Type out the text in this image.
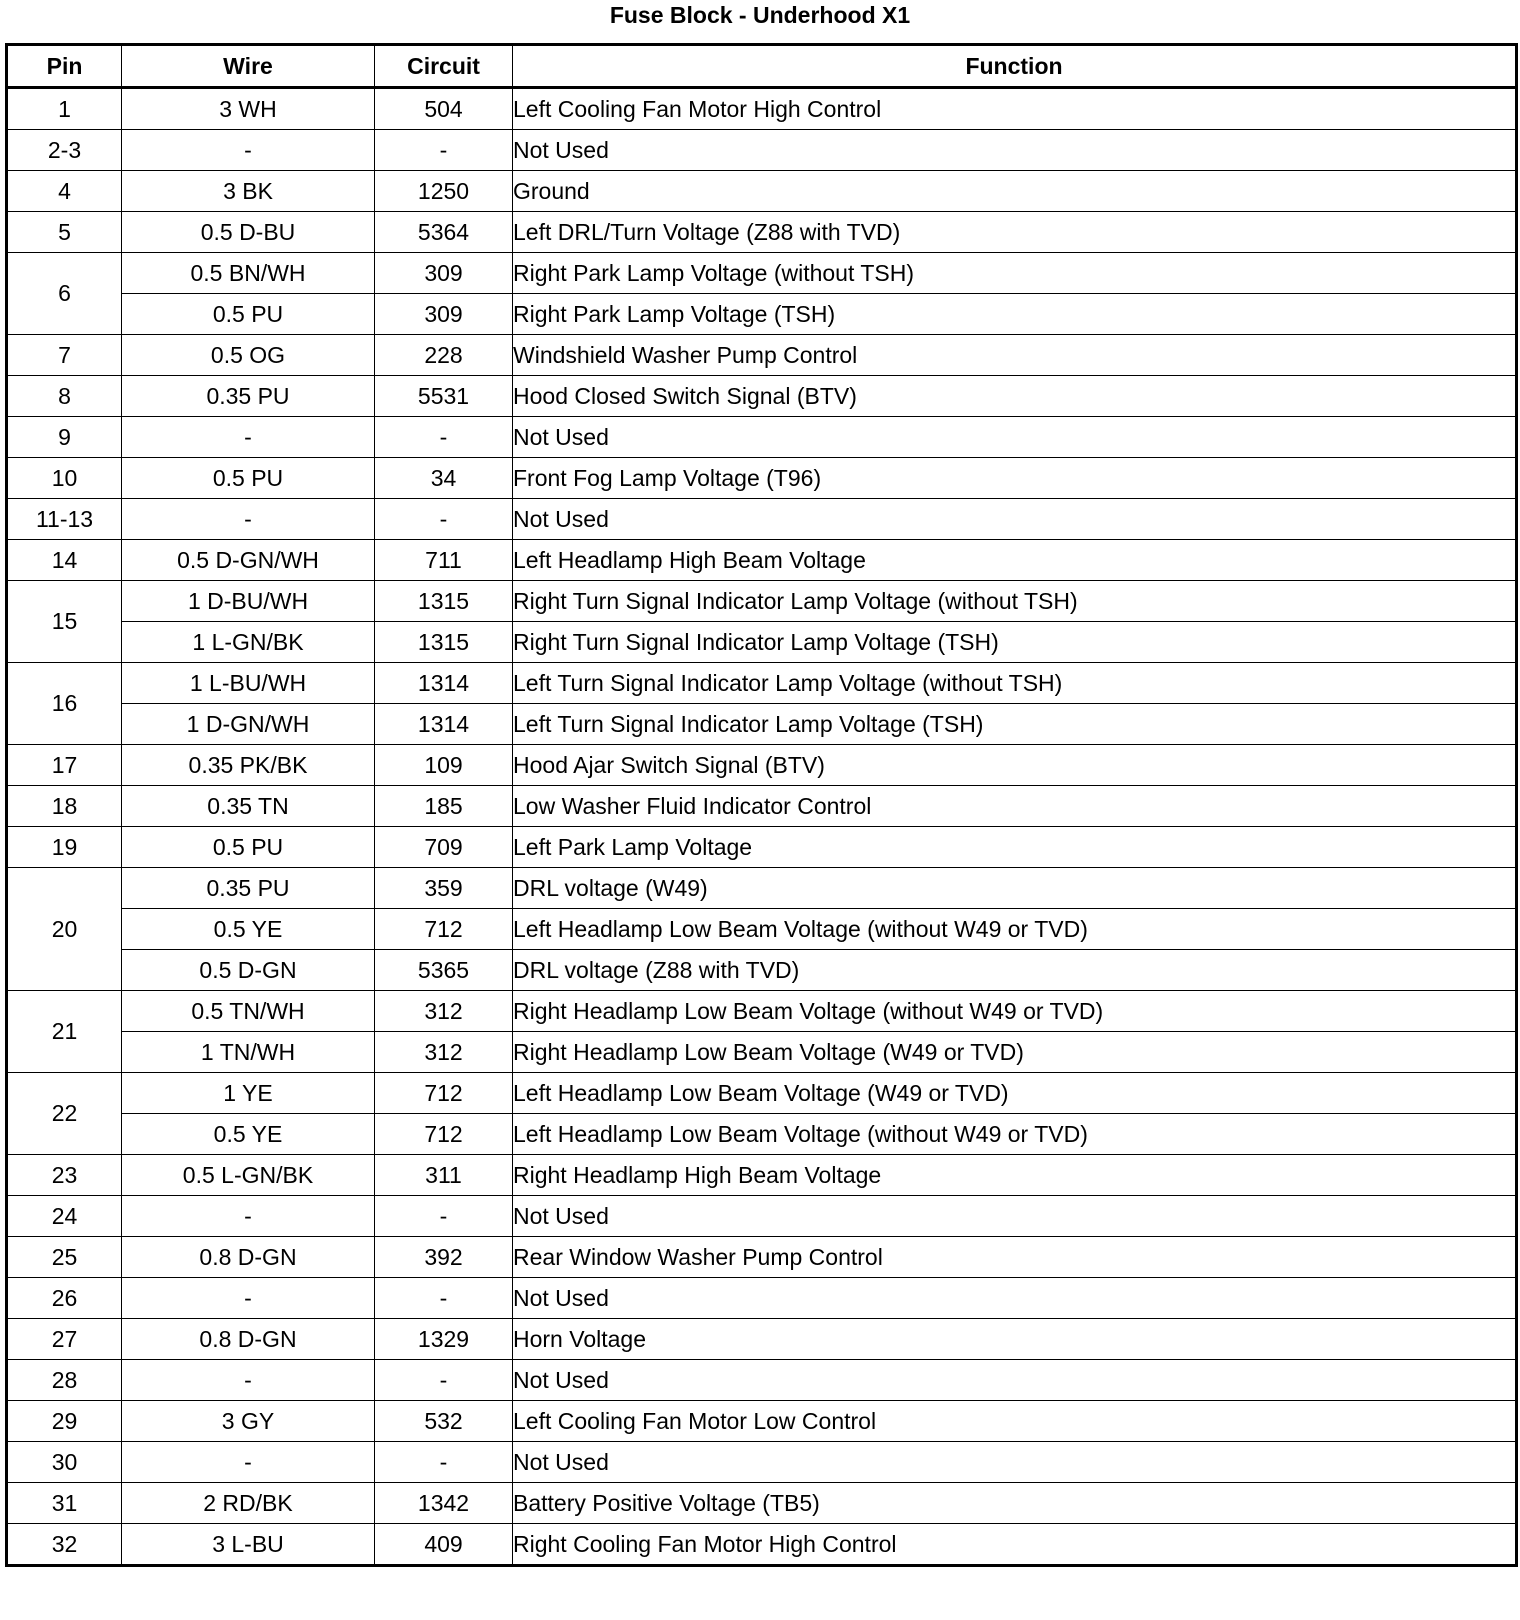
Fuse Block - Underhood X1
Pin	Wire	Circuit	Function
1	3 WH	504	Left Cooling Fan Motor High Control
2-3	-	-	Not Used
4	3 BK	1250	Ground
5	0.5 D-BU	5364	Left DRL/Turn Voltage (Z88 with TVD)
6	0.5 BN/WH	309	Right Park Lamp Voltage (without TSH)
	0.5 PU	309	Right Park Lamp Voltage (TSH)
7	0.5 OG	228	Windshield Washer Pump Control
8	0.35 PU	5531	Hood Closed Switch Signal (BTV)
9	-	-	Not Used
10	0.5 PU	34	Front Fog Lamp Voltage (T96)
11-13	-	-	Not Used
14	0.5 D-GN/WH	711	Left Headlamp High Beam Voltage
15	1 D-BU/WH	1315	Right Turn Signal Indicator Lamp Voltage (without TSH)
	1 L-GN/BK	1315	Right Turn Signal Indicator Lamp Voltage (TSH)
16	1 L-BU/WH	1314	Left Turn Signal Indicator Lamp Voltage (without TSH)
	1 D-GN/WH	1314	Left Turn Signal Indicator Lamp Voltage (TSH)
17	0.35 PK/BK	109	Hood Ajar Switch Signal (BTV)
18	0.35 TN	185	Low Washer Fluid Indicator Control
19	0.5 PU	709	Left Park Lamp Voltage
20	0.35 PU	359	DRL voltage (W49)
	0.5 YE	712	Left Headlamp Low Beam Voltage (without W49 or TVD)
	0.5 D-GN	5365	DRL voltage (Z88 with TVD)
21	0.5 TN/WH	312	Right Headlamp Low Beam Voltage (without W49 or TVD)
	1 TN/WH	312	Right Headlamp Low Beam Voltage (W49 or TVD)
22	1 YE	712	Left Headlamp Low Beam Voltage (W49 or TVD)
	0.5 YE	712	Left Headlamp Low Beam Voltage (without W49 or TVD)
23	0.5 L-GN/BK	311	Right Headlamp High Beam Voltage
24	-	-	Not Used
25	0.8 D-GN	392	Rear Window Washer Pump Control
26	-	-	Not Used
27	0.8 D-GN	1329	Horn Voltage
28	-	-	Not Used
29	3 GY	532	Left Cooling Fan Motor Low Control
30	-	-	Not Used
31	2 RD/BK	1342	Battery Positive Voltage (TB5)
32	3 L-BU	409	Right Cooling Fan Motor High Control
